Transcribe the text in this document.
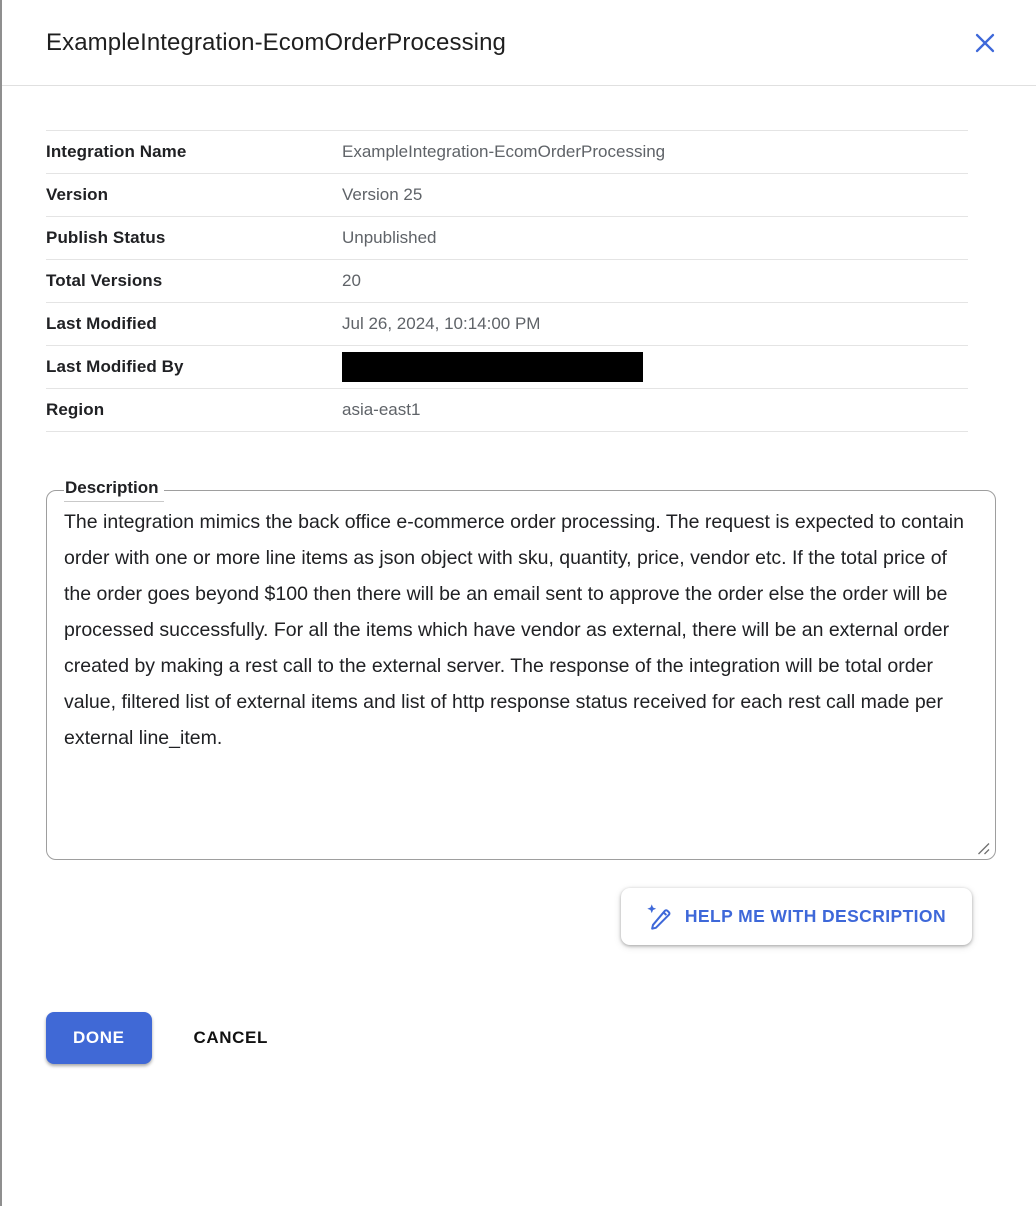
ExampleIntegration-EcomOrderProcessing
Integration Name	ExampleIntegration-EcomOrderProcessing
Version	Version 25
Publish Status	Unpublished
Total Versions	20
Last Modified	Jul 26, 2024, 10:14:00 PM
Last Modified By
Region	asia-east1
Description
The integration mimics the back office e-commerce order processing. The request is expected to contain order with one or more line items as json object with sku, quantity, price, vendor etc. If the total price of the order goes beyond $100 then there will be an email sent to approve the order else the order will be processed successfully. For all the items which have vendor as external, there will be an external order created by making a rest call to the external server. The response of the integration will be total order value, filtered list of external items and list of http response status received for each rest call made per external line_item.
HELP ME WITH DESCRIPTION
DONE	CANCEL
